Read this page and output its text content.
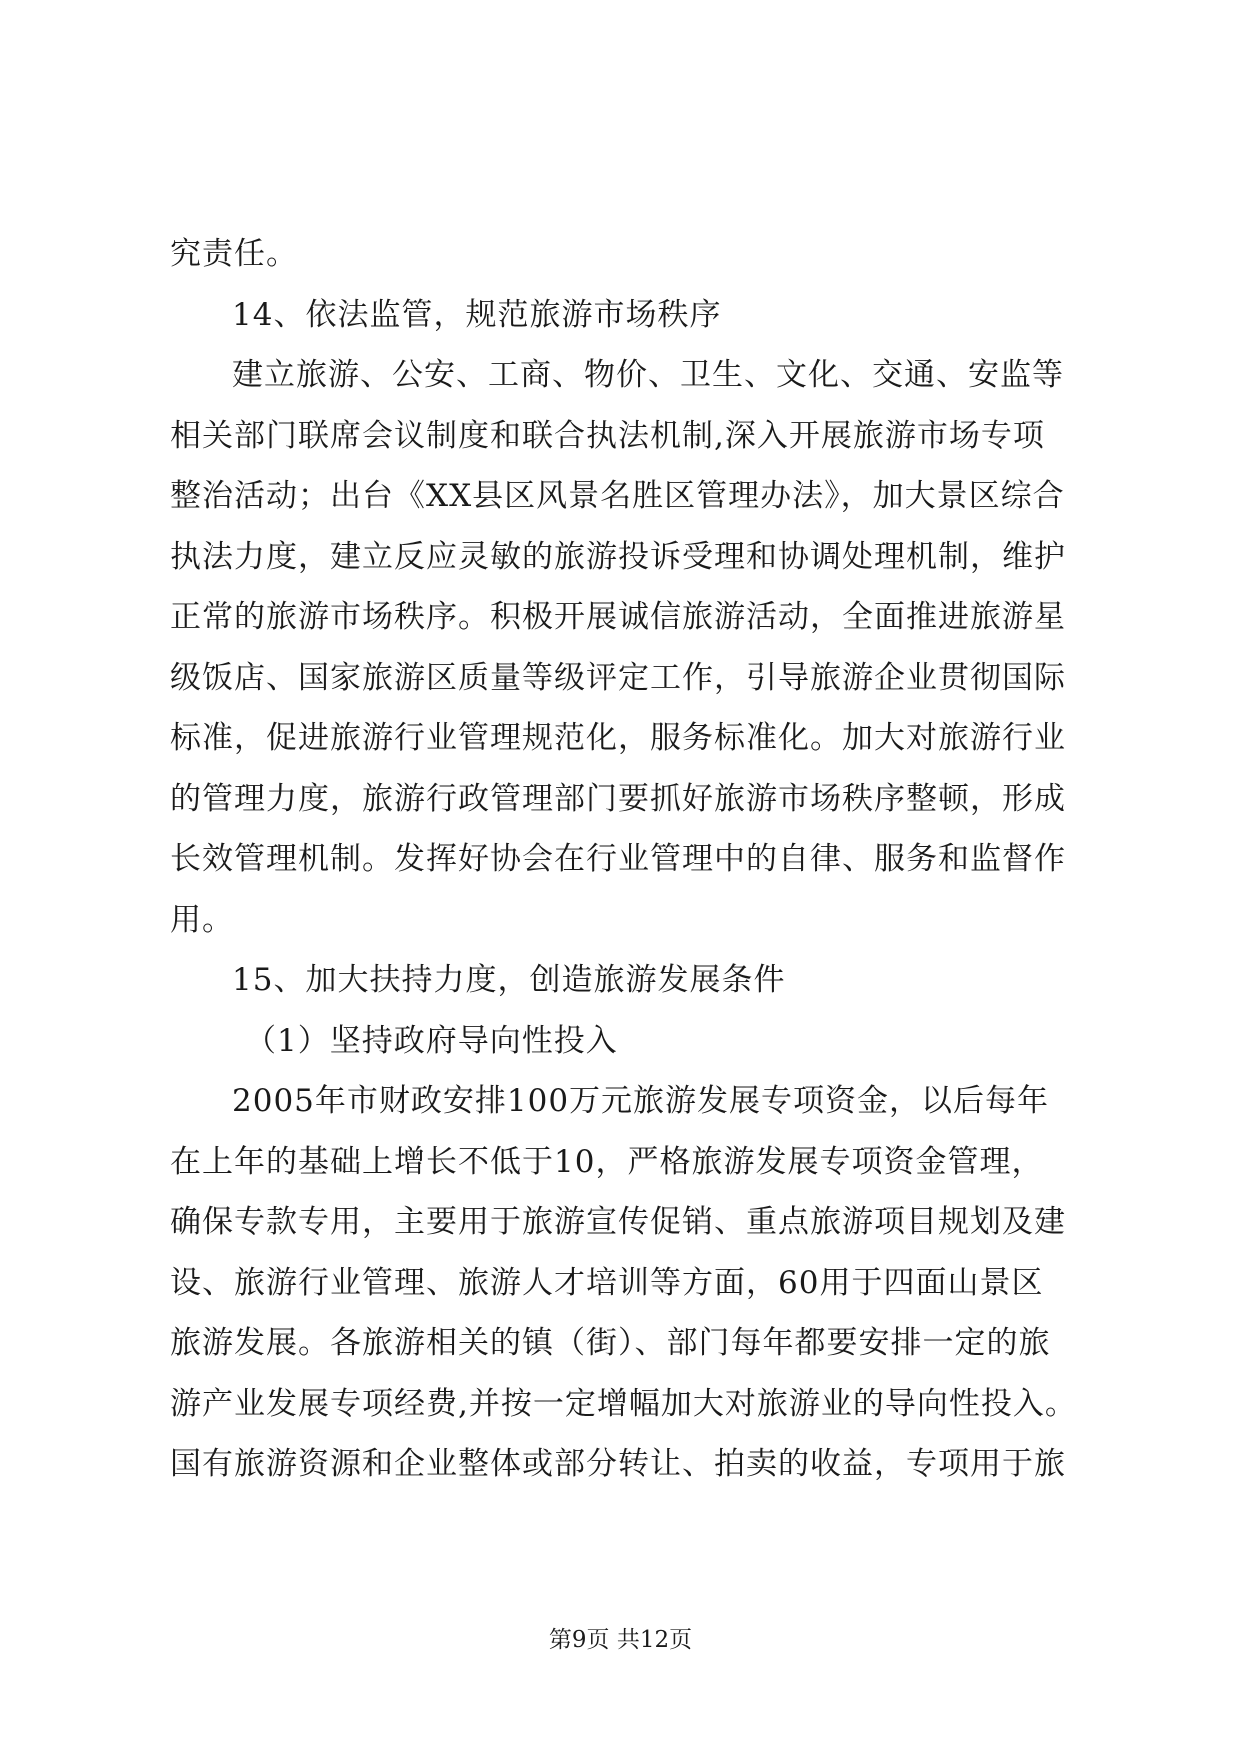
究责任。
14、依法监管，规范旅游市场秩序
建立旅游、公安、工商、物价、卫生、文化、交通、安监等
相关部门联席会议制度和联合执法机制,深入开展旅游市场专项
整治活动；出台《XX县区风景名胜区管理办法》，加大景区综合
执法力度，建立反应灵敏的旅游投诉受理和协调处理机制，维护
正常的旅游市场秩序。积极开展诚信旅游活动，全面推进旅游星
级饭店、国家旅游区质量等级评定工作，引导旅游企业贯彻国际
标准，促进旅游行业管理规范化，服务标准化。加大对旅游行业
的管理力度，旅游行政管理部门要抓好旅游市场秩序整顿，形成
长效管理机制。发挥好协会在行业管理中的自律、服务和监督作
用。
15、加大扶持力度，创造旅游发展条件
（1）坚持政府导向性投入
2005年市财政安排100万元旅游发展专项资金，以后每年
在上年的基础上增长不低于10，严格旅游发展专项资金管理，
确保专款专用，主要用于旅游宣传促销、重点旅游项目规划及建
设、旅游行业管理、旅游人才培训等方面，60用于四面山景区
旅游发展。各旅游相关的镇（街）、部门每年都要安排一定的旅
游产业发展专项经费,并按一定增幅加大对旅游业的导向性投入。
国有旅游资源和企业整体或部分转让、拍卖的收益，专项用于旅
第9页 共12页
